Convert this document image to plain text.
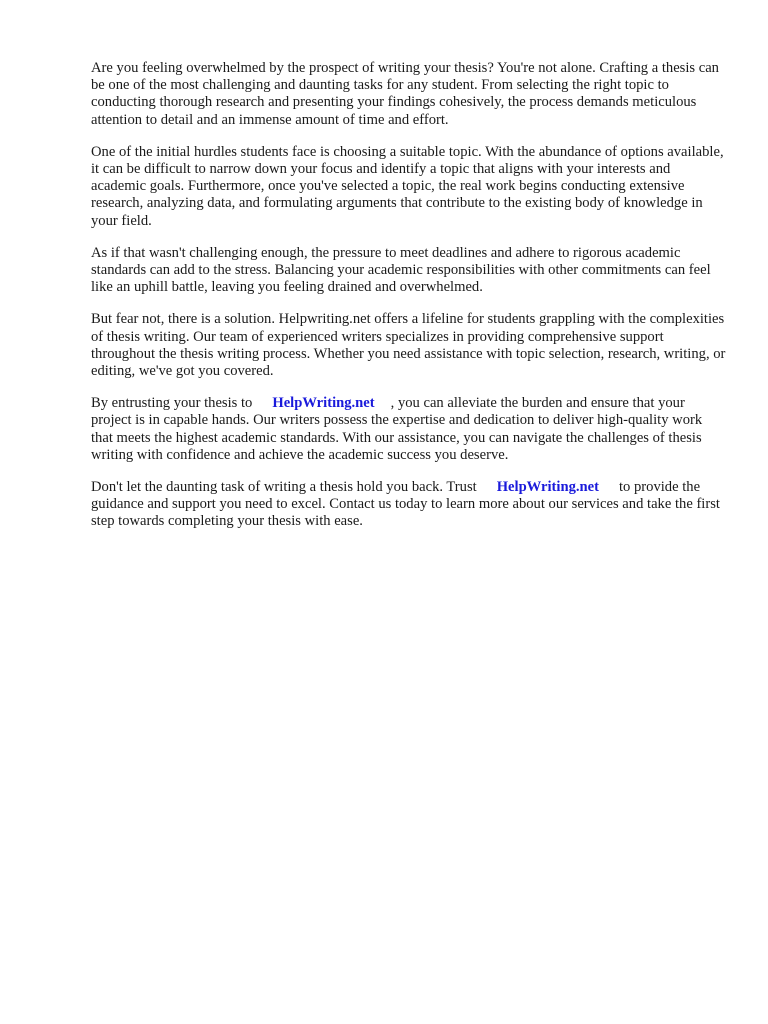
Are you feeling overwhelmed by the prospect of writing your thesis? You're not alone. Crafting a thesis can be one of the most challenging and daunting tasks for any student. From selecting the right topic to conducting thorough research and presenting your findings cohesively, the process demands meticulous attention to detail and an immense amount of time and effort.

One of the initial hurdles students face is choosing a suitable topic. With the abundance of options available, it can be difficult to narrow down your focus and identify a topic that aligns with your interests and academic goals. Furthermore, once you've selected a topic, the real work begins conducting extensive research, analyzing data, and formulating arguments that contribute to the existing body of knowledge in your field.

As if that wasn't challenging enough, the pressure to meet deadlines and adhere to rigorous academic standards can add to the stress. Balancing your academic responsibilities with other commitments can feel like an uphill battle, leaving you feeling drained and overwhelmed.

But fear not, there is a solution. Helpwriting.net offers a lifeline for students grappling with the complexities of thesis writing. Our team of experienced writers specializes in providing comprehensive support throughout the thesis writing process. Whether you need assistance with topic selection, research, writing, or editing, we've got you covered.

By entrusting your thesis to HelpWriting.net , you can alleviate the burden and ensure that your project is in capable hands. Our writers possess the expertise and dedication to deliver high-quality work that meets the highest academic standards. With our assistance, you can navigate the challenges of thesis writing with confidence and achieve the academic success you deserve.

Don't let the daunting task of writing a thesis hold you back. Trust HelpWriting.net to provide the guidance and support you need to excel. Contact us today to learn more about our services and take the first step towards completing your thesis with ease.
